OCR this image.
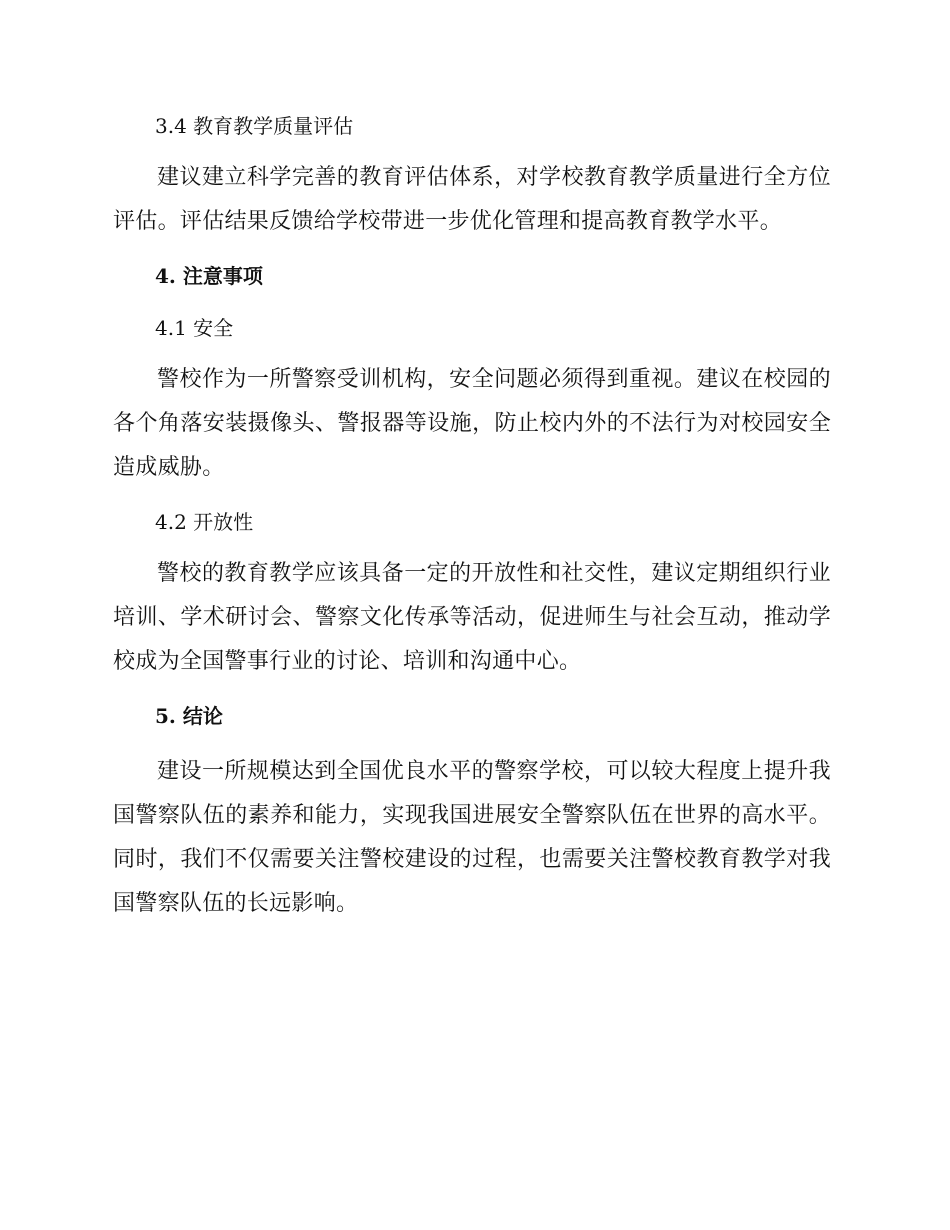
3.4 教育教学质量评估

建议建立科学完善的教育评估体系，对学校教育教学质量进行全方位评估。评估结果反馈给学校带进一步优化管理和提高教育教学水平。

4. 注意事项
4.1 安全

警校作为一所警察受训机构，安全问题必须得到重视。建议在校园的各个角落安装摄像头、警报器等设施，防止校内外的不法行为对校园安全造成威胁。

4.2 开放性

警校的教育教学应该具备一定的开放性和社交性，建议定期组织行业培训、学术研讨会、警察文化传承等活动，促进师生与社会互动，推动学校成为全国警事行业的讨论、培训和沟通中心。

5. 结论

建设一所规模达到全国优良水平的警察学校，可以较大程度上提升我国警察队伍的素养和能力，实现我国进展安全警察队伍在世界的高水平。同时，我们不仅需要关注警校建设的过程，也需要关注警校教育教学对我国警察队伍的长远影响。
